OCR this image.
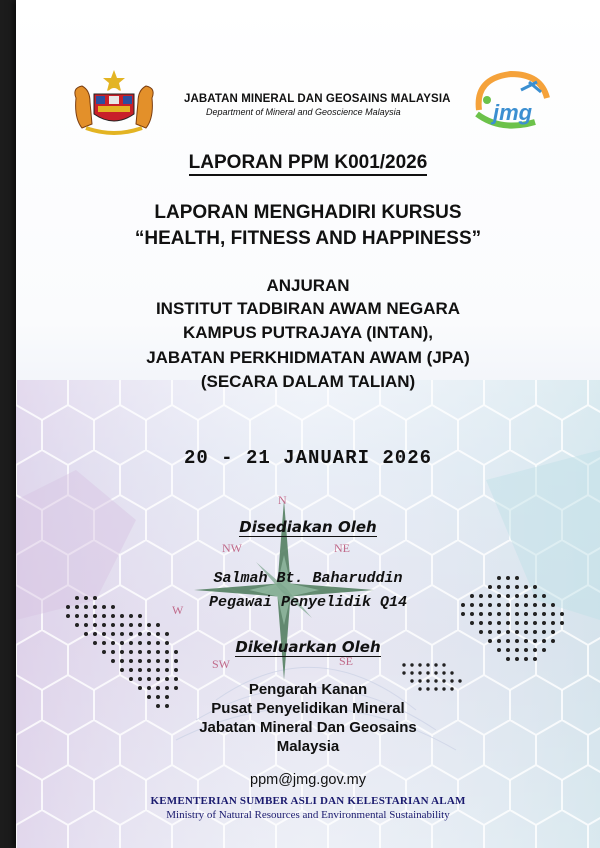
N
NW	NE
W
SW	SE
JABATAN MINERAL DAN GEOSAINS MALAYSIA
Department of Mineral and Geoscience Malaysia	jmg
LAPORAN PPM K001/2026
LAPORAN MENGHADIRI KURSUS
“HEALTH, FITNESS AND HAPPINESS”
ANJURAN
INSTITUT TADBIRAN AWAM NEGARA
KAMPUS PUTRAJAYA (INTAN),
JABATAN PERKHIDMATAN AWAM (JPA)
(SECARA DALAM TALIAN)
20 - 21 JANUARI 2026
Disediakan Oleh
Salmah Bt. Baharuddin
Pegawai Penyelidik Q14
Dikeluarkan Oleh
Pengarah Kanan
Pusat Penyelidikan Mineral
Jabatan Mineral Dan Geosains
Malaysia
ppm@jmg.gov.my
KEMENTERIAN SUMBER ASLI DAN KELESTARIAN ALAM
Ministry of Natural Resources and Environmental Sustainability
